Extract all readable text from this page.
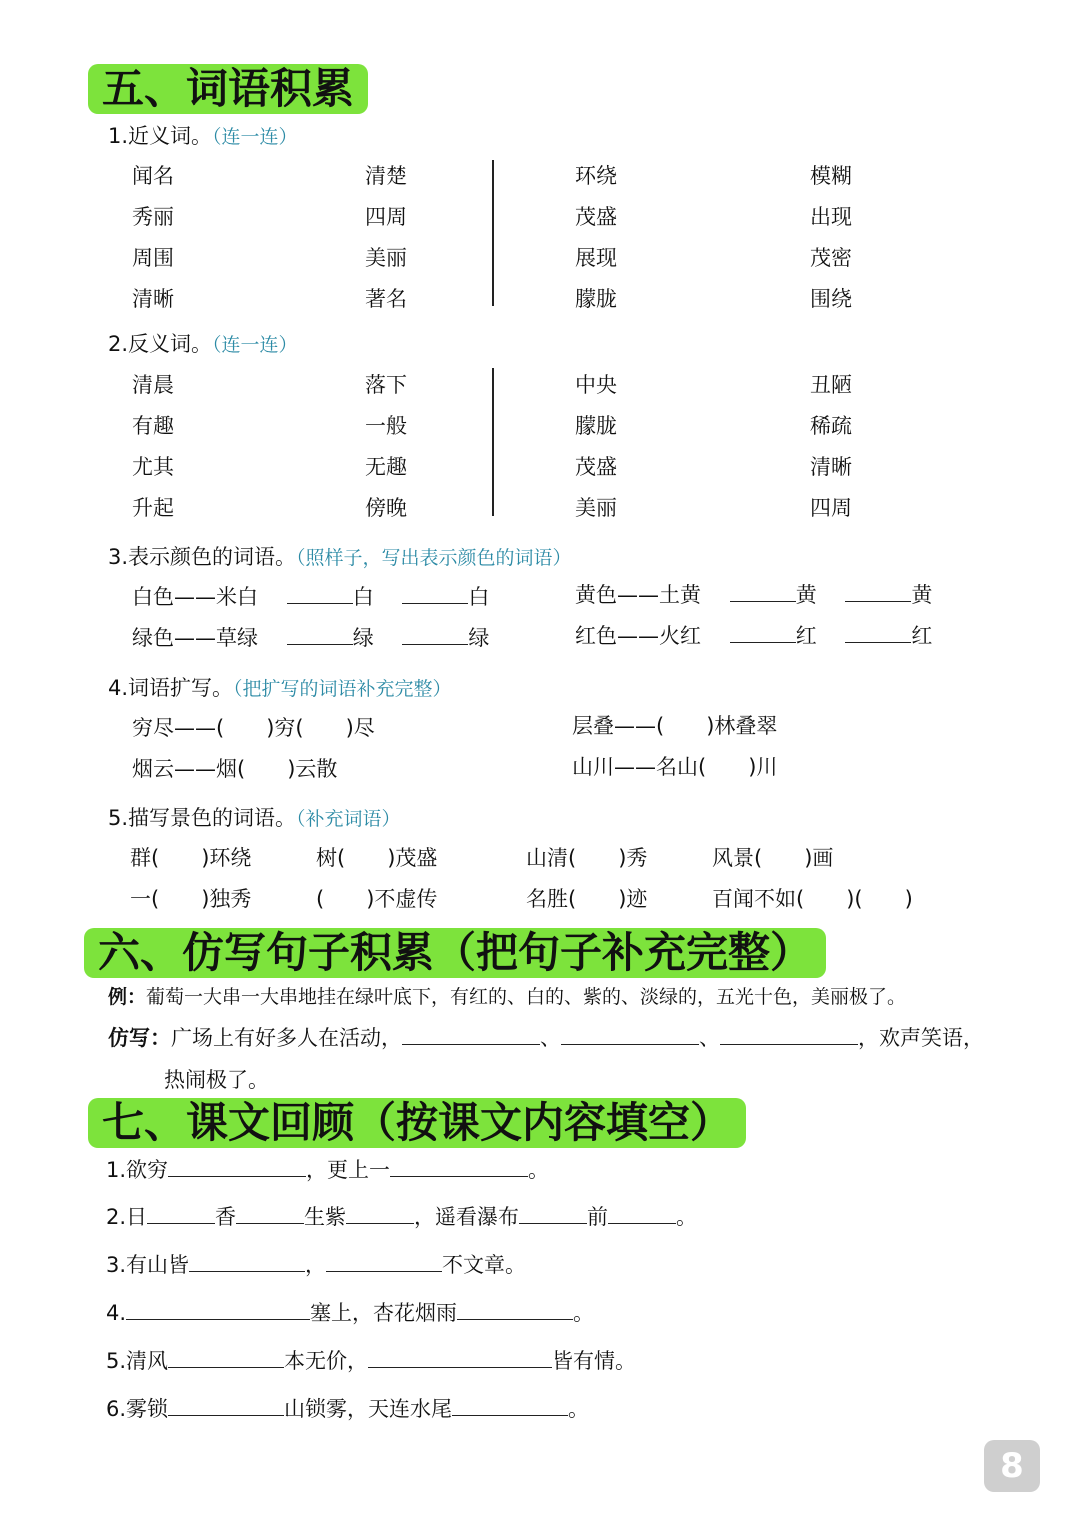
五、词语积累
1.近义词。（连一连）
闻名	清楚	环绕	模糊
秀丽	四周	茂盛	出现
周围	美丽	展现	茂密
清晰	著名	朦胧	围绕
2.反义词。（连一连）
清晨	落下	中央	丑陋
有趣	一般	朦胧	稀疏
尤其	无趣	茂盛	清晰
升起	傍晚	美丽	四周
3.表示颜色的词语。（照样子，写出表示颜色的词语）
白色——米白	白	白	黄色——土黄	黄	黄
绿色——草绿	绿	绿	红色——火红	红	红
4.词语扩写。（把扩写的词语补充完整）
穷尽——(　　)穷(　　)尽	层叠——(　　)林叠翠
烟云——烟(　　)云散	山川——名山(　　)川
5.描写景色的词语。（补充词语）
群(　　)环绕	树(　　)茂盛	山清(　　)秀	风景(　　)画
一(　　)独秀	(　　)不虚传	名胜(　　)迹	百闻不如(　　)(　　)
六、仿写句子积累（把句子补充完整）
例：葡萄一大串一大串地挂在绿叶底下，有红的、白的、紫的、淡绿的，五光十色，美丽极了。
仿写：广场上有好多人在活动，	、	、	，欢声笑语，
热闹极了。
七、课文回顾（按课文内容填空）
1.欲穷	，更上一	。
2.日	香	生紫	，遥看瀑布	前	。
3.有山皆	，	不文章。
4.	塞上，杏花烟雨	。
5.清风	本无价，	皆有情。
6.雾锁	山锁雾，天连水尾	。
8
